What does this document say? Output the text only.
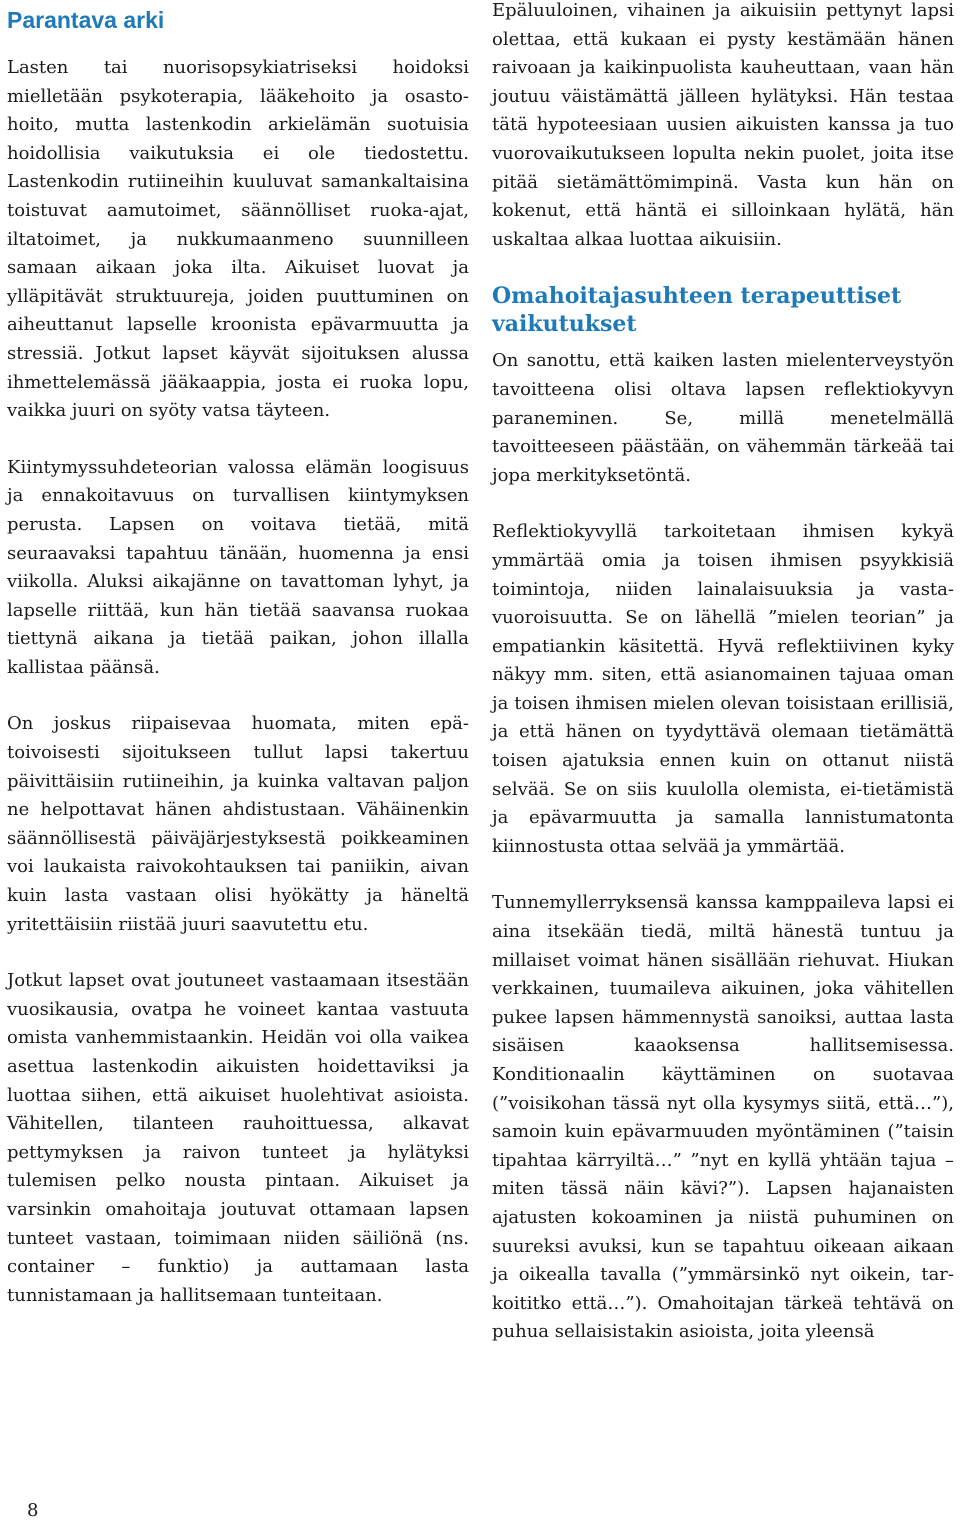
Parantava arki

Lasten tai nuorisopsykiatriseksi hoidoksi mielletään psykoterapia, lääkehoito ja osastohoito, mutta lastenkodin arkielämän suotuisia hoidollisia vaikutuksia ei ole tiedostettu. Lastenkodin rutiineihin kuuluvat samankaltaisina toistuvat aamutoimet, säännölliset ruoka-ajat, iltatoimet, ja nukkumaanmeno suunnilleen samaan aikaan joka ilta. Aikuiset luovat ja ylläpitävät struktuureja, joiden puuttuminen on aiheuttanut lapselle kroonista epävarmuutta ja stressiä. Jotkut lapset käyvät sijoituksen alussa ihmettelemässä jääkaappia, josta ei ruoka lopu, vaikka juuri on syöty vatsa täyteen.

Kiintymyssuhdeteorian valossa elämän loogisuus ja ennakoitavuus on turvallisen kiintymyksen perusta. Lapsen on voitava tietää, mitä seuraavaksi tapahtuu tänään, huomenna ja ensi viikolla. Aluksi aikajänne on tavattoman lyhyt, ja lapselle riittää, kun hän tietää saavansa ruokaa tiettynä aikana ja tietää paikan, johon illalla kallistaa päänsä.

On joskus riipaisevaa huomata, miten epätoivoisesti sijoitukseen tullut lapsi takertuu päivittäisiin rutiineihin, ja kuinka valtavan paljon ne helpottavat hänen ahdistustaan. Vähäinenkin säännöllisestä päiväjärjestyksestä poikkeaminen voi laukaista raivokohtauksen tai paniikin, aivan kuin lasta vastaan olisi hyökätty ja häneltä yritettäisiin riistää juuri saavutettu etu.

Jotkut lapset ovat joutuneet vastaamaan itsestään vuosikausia, ovatpa he voineet kantaa vastuuta omista vanhemmistaankin. Heidän voi olla vaikea asettua lastenkodin aikuisten hoidettaviksi ja luottaa siihen, että aikuiset huolehtivat asioista. Vähitellen, tilanteen rauhoittuessa, alkavat pettymyksen ja raivon tunteet ja hylätyksi tulemisen pelko nousta pintaan. Aikuiset ja varsinkin omahoitaja joutuvat ottamaan lapsen tunteet vastaan, toimimaan niiden säiliönä (ns. container – funktio) ja auttamaan lasta tunnistamaan ja hallitsemaan tunteitaan.

Epäluuloinen, vihainen ja aikuisiin pettynyt lapsi olettaa, että kukaan ei pysty kestämään hänen raivoaan ja kaikinpuolista kauheuttaan, vaan hän joutuu väistämättä jälleen hylätyksi. Hän testaa tätä hypoteesiaan uusien aikuisten kanssa ja tuo vuorovaikutukseen lopulta nekin puolet, joita itse pitää sietämättömimpinä. Vasta kun hän on kokenut, että häntä ei silloinkaan hylätä, hän uskaltaa alkaa luottaa aikuisiin.

Omahoitajasuhteen terapeuttiset vaikutukset

On sanottu, että kaiken lasten mielenterveystyön tavoitteena olisi oltava lapsen reflektiokyvyn paraneminen. Se, millä menetelmällä tavoitteeseen päästään, on vähemmän tärkeää tai jopa merkityksetöntä.

Reflektiokyvyllä tarkoitetaan ihmisen kykyä ymmärtää omia ja toisen ihmisen psyykkisiä toimintoja, niiden lainalaisuuksia ja vastavuoroisuutta. Se on lähellä ”mielen teorian” ja empatiankin käsitettä. Hyvä reflektiivinen kyky näkyy mm. siten, että asianomainen tajuaa oman ja toisen ihmisen mielen olevan toisistaan erillisiä, ja että hänen on tyydyttävä olemaan tietämättä toisen ajatuksia ennen kuin on ottanut niistä selvää. Se on siis kuulolla olemista, ei-tietämistä ja epävarmuutta ja samalla lannistumatonta kiinnostusta ottaa selvää ja ymmärtää.

Tunnemyllerryksensä kanssa kamppaileva lapsi ei aina itsekään tiedä, miltä hänestä tuntuu ja millaiset voimat hänen sisällään riehuvat. Hiukan verkkainen, tuumaileva aikuinen, joka vähitellen pukee lapsen hämmennystä sanoiksi, auttaa lasta sisäisen kaaoksensa hallitsemisessa. Konditionaalin käyttäminen on suotavaa (”voisikohan tässä nyt olla kysymys siitä, että…”), samoin kuin epävarmuuden myöntäminen (”taisin tipahtaa kärryiltä…” ”nyt en kyllä yhtään tajua – miten tässä näin kävi?”). Lapsen hajanaisten ajatusten kokoaminen ja niistä puhuminen on suureksi avuksi, kun se tapahtuu oikeaan aikaan ja oikealla tavalla (”ymmärsinkö nyt oikein, tarkoititko että…”). Omahoitajan tärkeä tehtävä on puhua sellaisistakin asioista, joita yleensä

8
